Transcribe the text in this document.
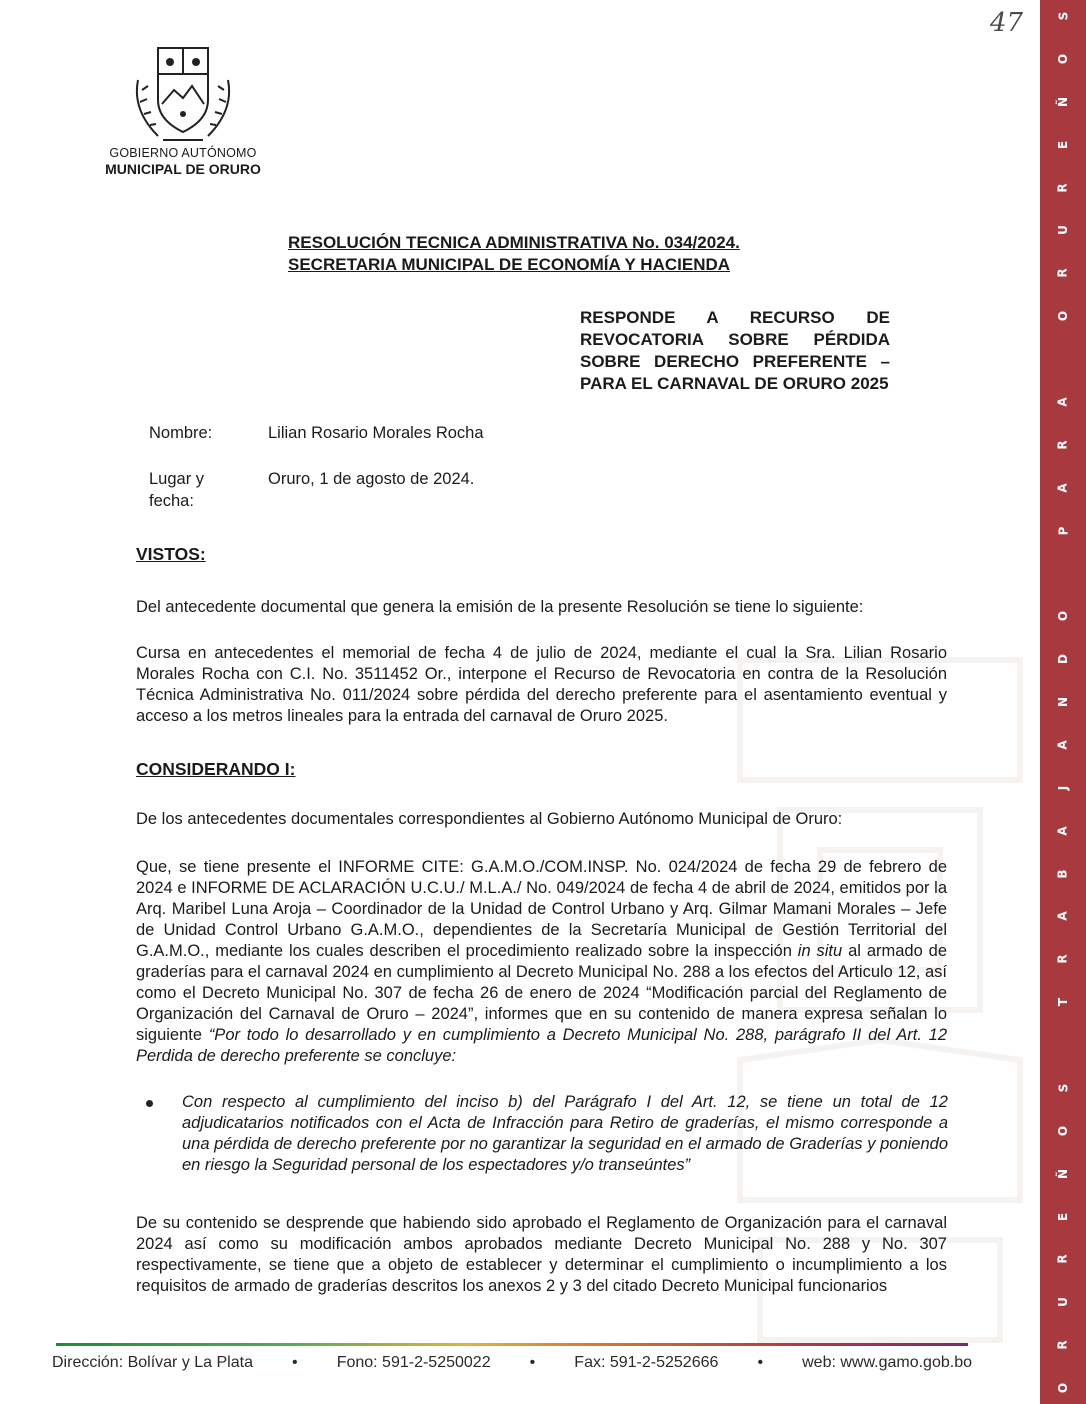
S
O
Ñ
E
R
U
R
O

A
R
A
P

O
D
N
A
J
A
B
A
R
T

S
O
Ñ
E
R
U
R
O
GOBIERNO AUTÓNOMO
MUNICIPAL DE ORURO
47
RESOLUCIÓN TECNICA ADMINISTRATIVA No. 034/2024.
SECRETARIA MUNICIPAL DE ECONOMÍA Y HACIENDA
RESPONDE A RECURSO DE REVOCATORIA SOBRE PÉRDIDA SOBRE DERECHO PREFERENTE – PARA EL CARNAVAL DE ORURO 2025
Nombre:	Lilian Rosario Morales Rocha
Lugar y
fecha:
Oruro, 1 de agosto de 2024.
VISTOS:
Del antecedente documental que genera la emisión de la presente Resolución se tiene lo siguiente:
Cursa en antecedentes el memorial de fecha 4 de julio de 2024, mediante el cual la Sra. Lilian Rosario Morales Rocha con C.I. No. 3511452 Or., interpone el Recurso de Revocatoria en contra de la Resolución Técnica Administrativa No. 011/2024 sobre pérdida del derecho preferente para el asentamiento eventual y acceso a los metros lineales para la entrada del carnaval de Oruro 2025.
CONSIDERANDO I:
De los antecedentes documentales correspondientes al Gobierno Autónomo Municipal de Oruro:
Que, se tiene presente el INFORME CITE: G.A.M.O./COM.INSP. No. 024/2024 de fecha 29 de febrero de 2024 e INFORME DE ACLARACIÓN U.C.U./ M.L.A./ No. 049/2024 de fecha 4 de abril de 2024, emitidos por la Arq. Maribel Luna Aroja – Coordinador de la Unidad de Control Urbano y Arq. Gilmar Mamani Morales – Jefe de Unidad Control Urbano G.A.M.O., dependientes de la Secretaría Municipal de Gestión Territorial del G.A.M.O., mediante los cuales describen el procedimiento realizado sobre la inspección in situ al armado de graderías para el carnaval 2024 en cumplimiento al Decreto Municipal No. 288 a los efectos del Articulo 12, así como el Decreto Municipal No. 307 de fecha 26 de enero de 2024 “Modificación parcial del Reglamento de Organización del Carnaval de Oruro – 2024”, informes que en su contenido de manera expresa señalan lo siguiente “Por todo lo desarrollado y en cumplimiento a Decreto Municipal No. 288, parágrafo II del Art. 12 Perdida de derecho preferente se concluye:
Con respecto al cumplimiento del inciso b) del Parágrafo I del Art. 12, se tiene un total de 12 adjudicatarios notificados con el Acta de Infracción para Retiro de graderías, el mismo corresponde a una pérdida de derecho preferente por no garantizar la seguridad en el armado de Graderías y poniendo en riesgo la Seguridad personal de los espectadores y/o transeúntes”
De su contenido se desprende que habiendo sido aprobado el Reglamento de Organización para el carnaval 2024 así como su modificación ambos aprobados mediante Decreto Municipal No. 288 y No. 307 respectivamente, se tiene que a objeto de establecer y determinar el cumplimiento o incumplimiento a los requisitos de armado de graderías descritos los anexos 2 y 3 del citado Decreto Municipal funcionarios
Dirección: Bolívar y La Plata • Fono: 591-2-5250022 • Fax: 591-2-5252666 • web: www.gamo.gob.bo
